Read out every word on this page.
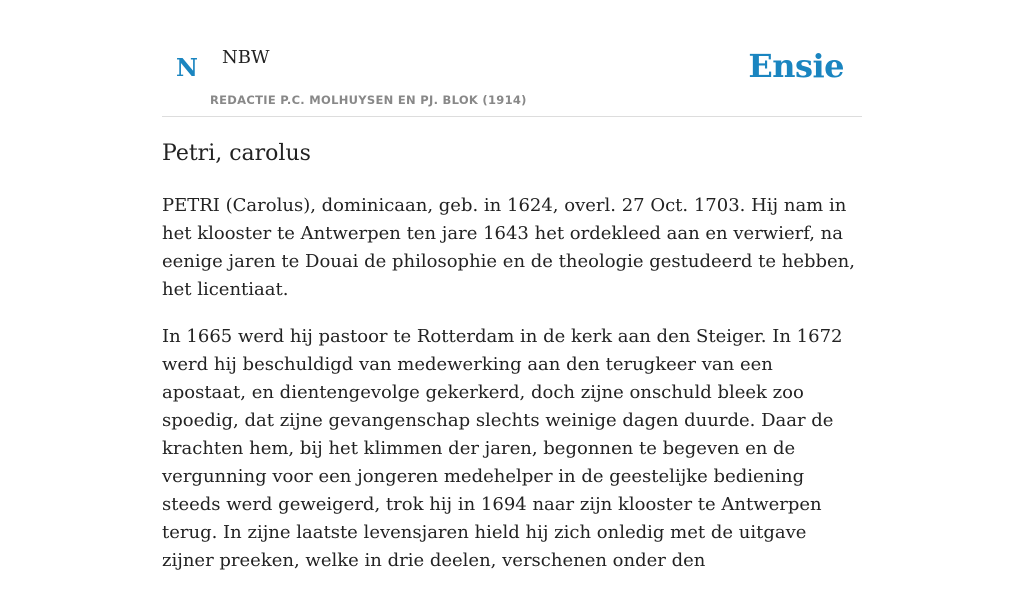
N NBW
REDACTIE P.C. MOLHUYSEN EN PJ. BLOK (1914)
Ensie
Petri, carolus

PETRI (Carolus), dominicaan, geb. in 1624, overl. 27 Oct. 1703. Hij nam in het klooster te Antwerpen ten jare 1643 het ordekleed aan en verwierf, na eenige jaren te Douai de philosophie en de theologie gestudeerd te hebben, het licentiaat.

In 1665 werd hij pastoor te Rotterdam in de kerk aan den Steiger. In 1672 werd hij beschuldigd van medewerking aan den terugkeer van een apostaat, en dientengevolge gekerkerd, doch zijne onschuld bleek zoo spoedig, dat zijne gevangenschap slechts weinige dagen duurde. Daar de krachten hem, bij het klimmen der jaren, begonnen te begeven en de vergunning voor een jongeren medehelper in de geestelijke bediening steeds werd geweigerd, trok hij in 1694 naar zijn klooster te Antwerpen terug. In zijne laatste levensjaren hield hij zich onledig met de uitgave zijner preeken, welke in drie deelen, verschenen onder den
